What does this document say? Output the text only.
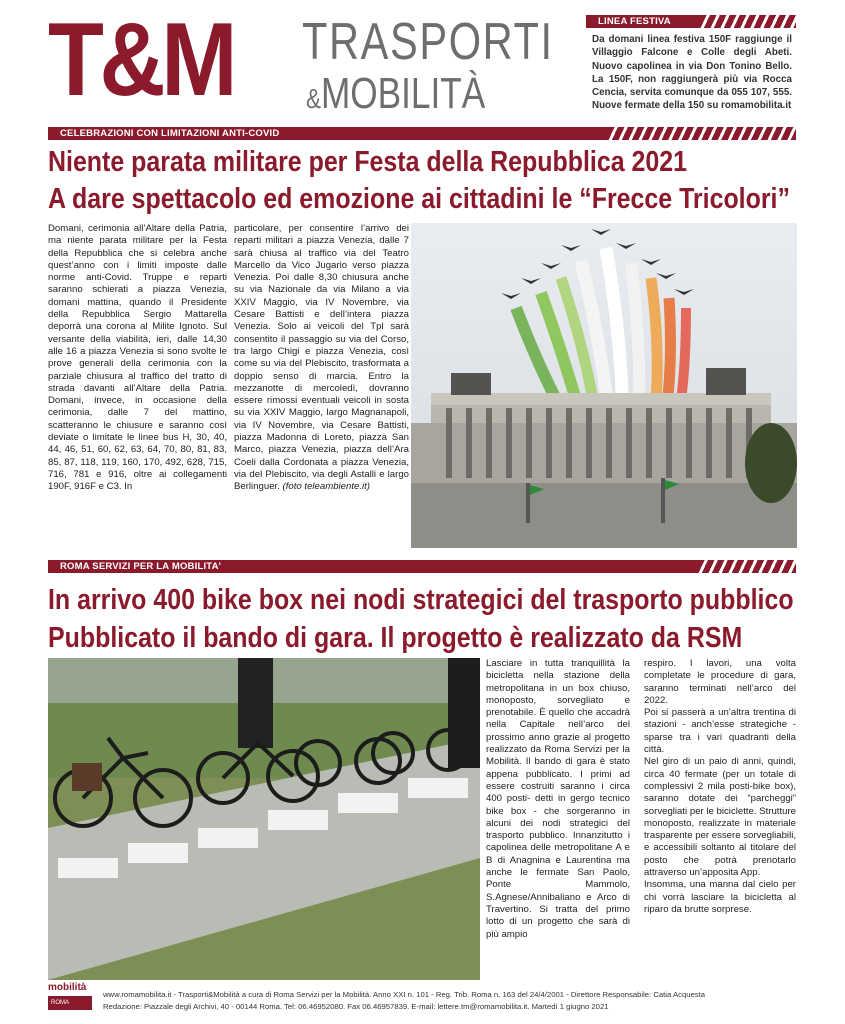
T&M TRASPORTI
&MOBILITÀ
LINEA FESTIVA
Da domani linea festiva 150F raggiunge il Villaggio Falcone e Colle degli Abeti. Nuovo capolinea in via Don Tonino Bello. La 150F, non raggiungerà più via Rocca Cencia, servita comunque da 055 107, 555. Nuove fermate della 150 su romamobilita.it
CELEBRAZIONI CON LIMITAZIONI ANTI-COVID
Niente parata militare per Festa della Repubblica 2021
A dare spettacolo ed emozione ai cittadini le “Frecce Tricolori”
Domani, cerimonia all’Altare della Patria, ma niente parata militare per la Festa della Repubblica che si celebra anche quest’anno con i limiti imposte dalle norme anti-Covid. Truppe e reparti saranno schierati a piazza Venezia, domani mattina, quando il Presidente della Repubblica Sergio Mattarella deporrà una corona al Milite Ignoto. Sul versante della viabilità, ieri, dalle 14,30 alle 16 a piazza Venezia si sono svolte le prove generali della cerimonia con la parziale chiusura al traffico del tratto di strada davanti all’Altare della Patria. Domani, invece, in occasione della cerimonia, dalle 7 del mattino, scatteranno le chiusure e saranno così deviate o limitate le linee bus H, 30, 40, 44, 46, 51, 60, 62, 63, 64, 70, 80, 81, 83, 85, 87, 118, 119, 160, 170, 492, 628, 715, 716, 781 e 916, oltre ai collegamenti 190F, 916F e C3. In
particolare, per consentire l’arrivo dei reparti militari a piazza Venezia, dalle 7 sarà chiusa al traffico via del Teatro Marcello da Vico Jugario verso piazza Venezia. Poi dalle 8,30 chiusura anche su via Nazionale da via Milano a via XXIV Maggio, via IV Novembre, via Cesare Battisti e dell’intera piazza Venezia. Solo ai veicoli del Tpl sarà consentito il passaggio su via del Corso, tra largo Chigi e piazza Venezia, così come su via del Plebiscito, trasformata a doppio senso di marcia. Entro la mezzanotte di mercoledì, dovranno essere rimossi eventuali veicoli in sosta su via XXIV Maggio, largo Magnanapoli, via IV Novembre, via Cesare Battisti, piazza Madonna di Loreto, piazza San Marco, piazza Venezia, piazza dell’Ara Coeli dalla Cordonata a piazza Venezia, via del Plebiscito, via degli Astalli e largo Berlinguer. (foto teleambiente.it)
ROMA SERVIZI PER LA MOBILITA'
In arrivo 400 bike box nei nodi strategici del trasporto pubblico
Pubblicato il bando di gara. Il progetto è realizzato da RSM
Lasciare in tutta tranquillità la bicicletta nella stazione della metropolitana in un box chiuso, monoposto, sorvegliato e prenotabile. È quello che accadrà nella Capitale nell’arco del prossimo anno grazie al progetto realizzato da Roma Servizi per la Mobilità. Il bando di gara è stato appena pubblicato. I primi ad essere costruiti saranno i circa 400 posti- detti in gergo tecnico bike box - che sorgeranno in alcuni dei nodi strategici del trasporto pubblico. Innanzitutto i capolinea delle metropolitane A e B di Anagnina e Laurentina ma anche le fermate San Paolo, Ponte Mammolo, S.Agnese/Annibaliano e Arco di Travertino. Si tratta del primo lotto di un progetto che sarà di più ampio
respiro. I lavori, una volta completate le procedure di gara, saranno terminati nell’arco del 2022.
Poi si passerà a un’altra trentina di stazioni - anch’esse strategiche - sparse tra i vari quadranti della città.
Nel giro di un paio di anni, quindi, circa 40 fermate (per un totale di complessivi 2 mila posti-bike box), saranno dotate dei “parcheggi” sorvegliati per le biciclette. Strutture monoposto, realizzate in materiale trasparente per essere sorvegliabili, e accessibili soltanto al titolare del posto che potrà prenotarlo attraverso un’apposita App.
Insomma, una manna dal cielo per chi vorrà lasciare la bicicletta al riparo da brutte sorprese.
mobilità
ROMA
www.romamobilita.it - Trasporti&Mobilità a cura di Roma Servizi per la Mobilità. Anno XXI n. 101 - Reg. Trib. Roma n. 163 del 24/4/2001 - Direttore Responsabile: Catia Acquesta
Redazione: Piazzale degli Archivi, 40 - 00144 Roma. Tel: 06.46952080. Fax 06.46957839. E-mail: lettere.tm@romamobilita.it. Martedì 1 giugno 2021
